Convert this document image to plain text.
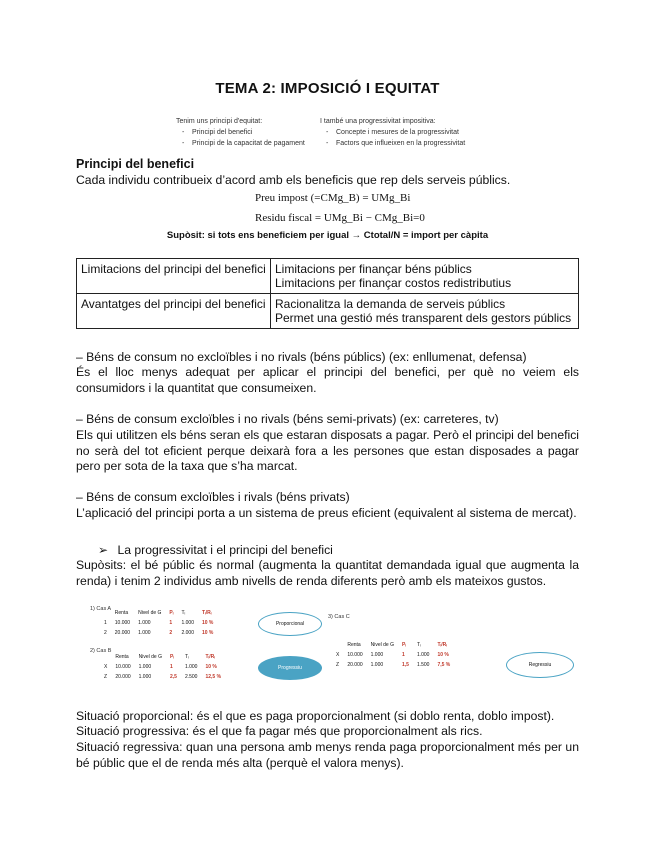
TEMA 2: IMPOSICIÓ I EQUITAT
Tenim uns principi d'equitat:
- Principi del benefici
- Principi de la capacitat de pagament
I també una progressivitat impositiva:
- Concepte i mesures de la progressivitat
- Factors que influeixen en la progressivitat
Principi del benefici
Cada individu contribueix d’acord amb els beneficis que rep dels serveis públics.
Preu impost (=CMg_B) = UMg_Bi
Residu fiscal = UMg_Bi − CMg_Bi=0
Supòsit: si tots ens beneficiem per igual → Ctotal/N = import per càpita
Limitacions del principi del benefici	Limitacions per finançar béns públics
Limitacions per finançar costos redistributius

Avantatges del principi del benefici	Racionalitza la demanda de serveis públics
Permet una gestió més transparent dels gestors públics
– Béns de consum no excloïbles i no rivals (béns públics) (ex: enllumenat, defensa)
És el lloc menys adequat per aplicar el principi del benefici, per què no veiem els consumidors i la quantitat que consumeixen.
– Béns de consum excloïbles i no rivals (béns semi-privats) (ex: carreteres, tv)
Els qui utilitzen els béns seran els que estaran disposats a pagar. Però el principi del benefici no serà del tot eficient perque deixarà fora a les persones que estan disposades a pagar pero per sota de la taxa que s’ha marcat.
– Béns de consum excloïbles i rivals (béns privats)
L’aplicació del principi porta a un sistema de preus eficient (equivalent al sistema de mercat).
➢ La progressivitat i el principi del benefici
Supòsits: el bé públic és normal (augmenta la quantitat demandada igual que augmenta la renda) i tenim 2 individus amb nivells de renda diferents però amb els mateixos gustos.
1) Cas A
	Renta	Nivel de G	Pᵢ	Tᵢ	Tᵢ/Rᵢ
1	10.000	1.000	1	1.000	10 %
2	20.000	1.000	2	2.000	10 %
Proporcional
2) Cas B
	Renta	Nivel de G	Pᵢ	Tᵢ	Tᵢ/Rᵢ
X	10.000	1.000	1	1.000	10 %
Z	20.000	1.000	2,5	2.500	12,5 %
Progressiu
3) Cas C
	Renta	Nivel de G	Pᵢ	Tᵢ	Tᵢ/Rᵢ
X	10.000	1.000	1	1.000	10 %
Z	20.000	1.000	1,5	1.500	7,5 %	Regressiu
Situació proporcional: és el que es paga proporcionalment (si doblo renta, doblo impost).
Situació progressiva: és el que fa pagar més que proporcionalment als rics.
Situació regressiva: quan una persona amb menys renda paga proporcionalment més per un bé públic que el de renda més alta (perquè el valora menys).
